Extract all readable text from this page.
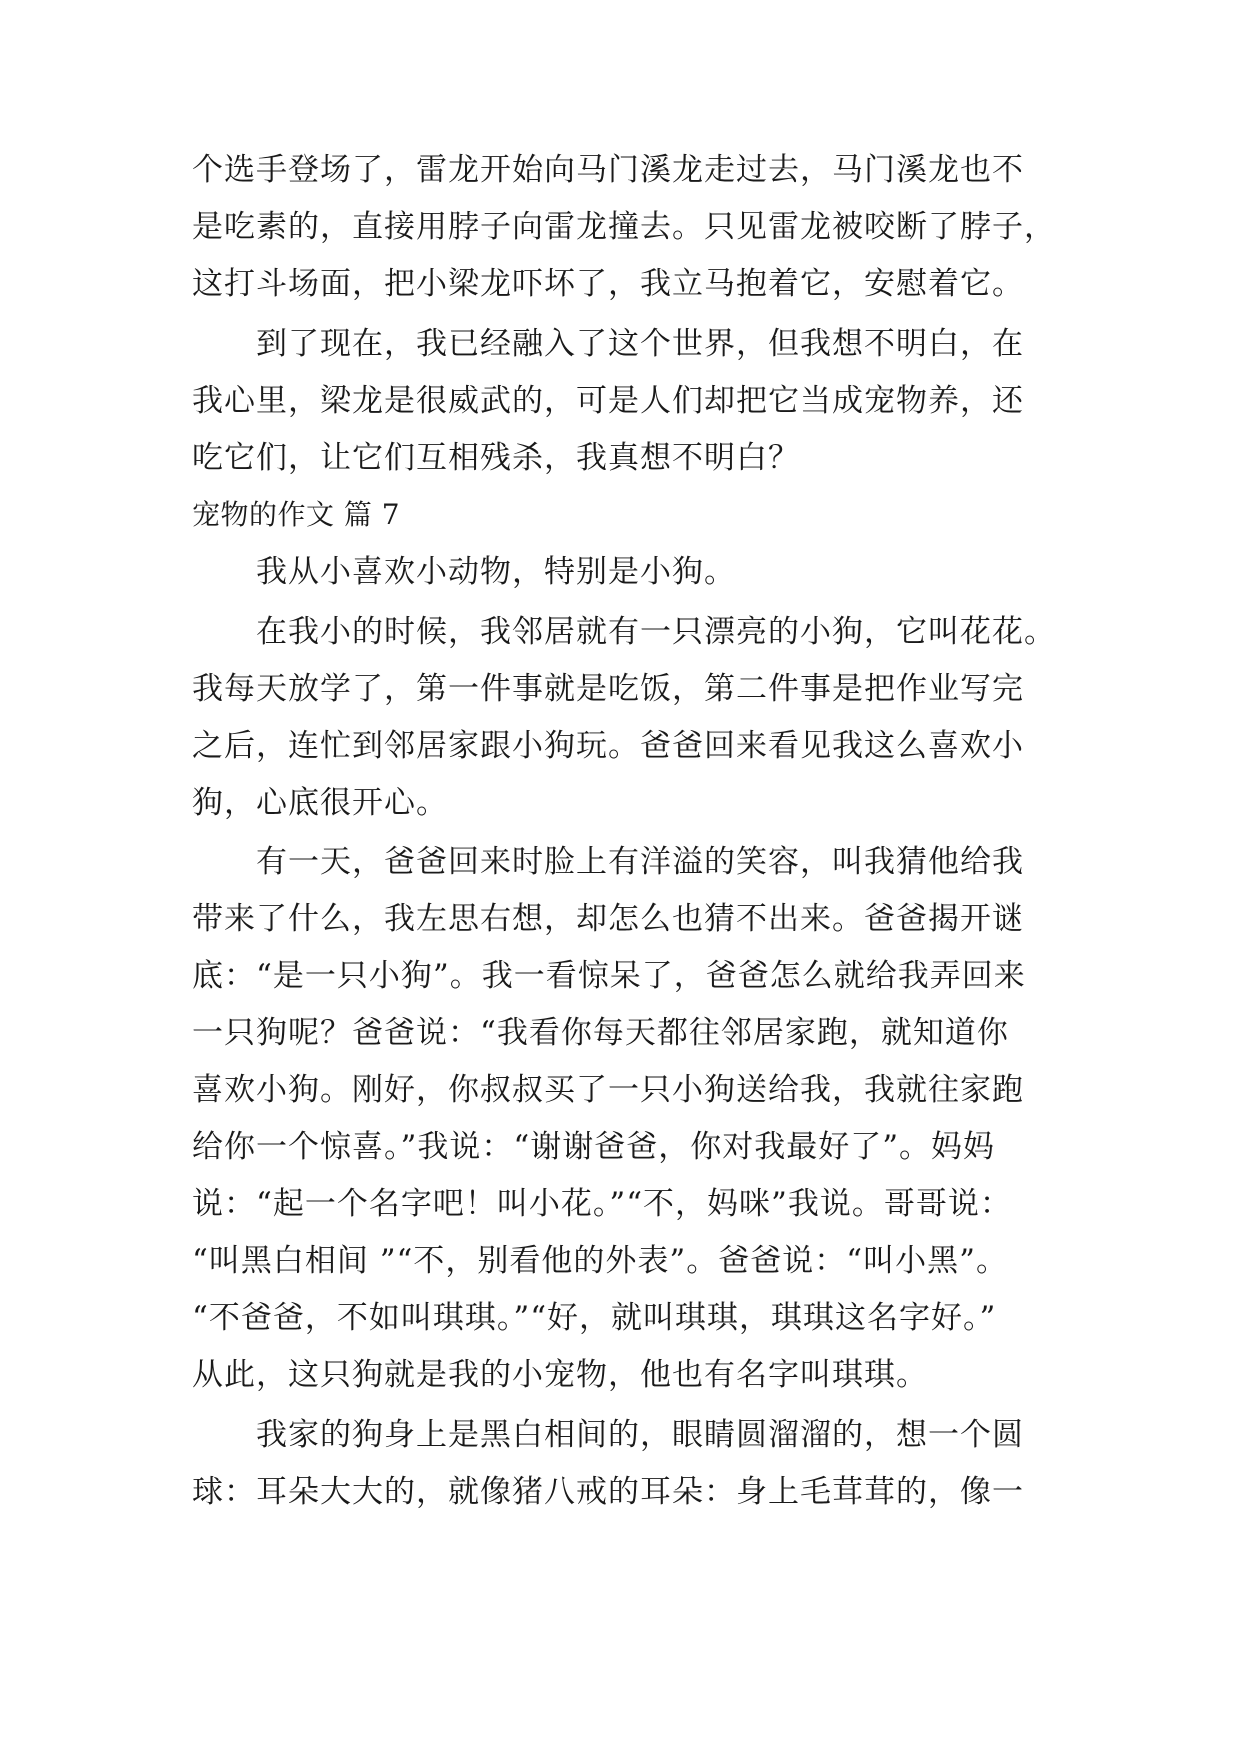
个选手登场了，雷龙开始向马门溪龙走过去，马门溪龙也不
是吃素的，直接用脖子向雷龙撞去。只见雷龙被咬断了脖子，
这打斗场面，把小梁龙吓坏了，我立马抱着它，安慰着它。
到了现在，我已经融入了这个世界，但我想不明白，在
我心里，梁龙是很威武的，可是人们却把它当成宠物养，还
吃它们，让它们互相残杀，我真想不明白？
宠物的作文 篇 7
我从小喜欢小动物，特别是小狗。
在我小的时候，我邻居就有一只漂亮的小狗，它叫花花。
我每天放学了，第一件事就是吃饭，第二件事是把作业写完
之后，连忙到邻居家跟小狗玩。爸爸回来看见我这么喜欢小
狗，心底很开心。
有一天，爸爸回来时脸上有洋溢的笑容，叫我猜他给我
带来了什么，我左思右想，却怎么也猜不出来。爸爸揭开谜
底：“是一只小狗”。我一看惊呆了，爸爸怎么就给我弄回来
一只狗呢？爸爸说：“我看你每天都往邻居家跑，就知道你
喜欢小狗。刚好，你叔叔买了一只小狗送给我，我就往家跑
给你一个惊喜。”我说：“谢谢爸爸，你对我最好了”。妈妈
说：“起一个名字吧！叫小花。”“不，妈咪”我说。哥哥说：
“叫黑白相间 ”“不，别看他的外表”。爸爸说：“叫小黑”。
“不爸爸，不如叫琪琪。”“好，就叫琪琪，琪琪这名字好。”
从此，这只狗就是我的小宠物，他也有名字叫琪琪。
我家的狗身上是黑白相间的，眼睛圆溜溜的，想一个圆
球：耳朵大大的，就像猪八戒的耳朵：身上毛茸茸的，像一
